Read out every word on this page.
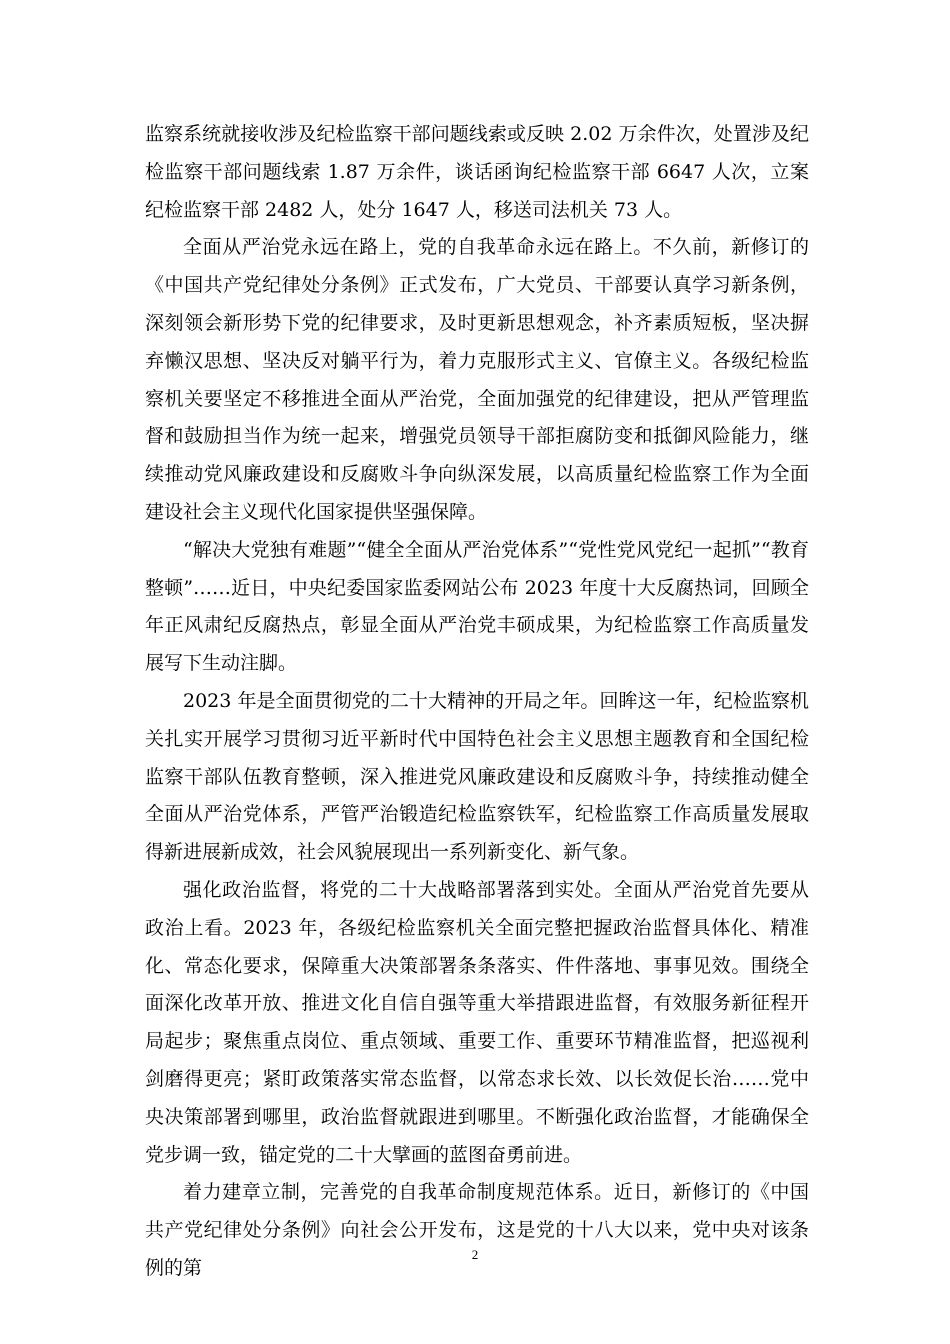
监察系统就接收涉及纪检监察干部问题线索或反映 2.02 万余件次，处置涉及纪检监察干部问题线索 1.87 万余件，谈话函询纪检监察干部 6647 人次，立案纪检监察干部 2482 人，处分 1647 人，移送司法机关 73 人。

全面从严治党永远在路上，党的自我革命永远在路上。不久前，新修订的《中国共产党纪律处分条例》正式发布，广大党员、干部要认真学习新条例，深刻领会新形势下党的纪律要求，及时更新思想观念，补齐素质短板，坚决摒弃懒汉思想、坚决反对躺平行为，着力克服形式主义、官僚主义。各级纪检监察机关要坚定不移推进全面从严治党，全面加强党的纪律建设，把从严管理监督和鼓励担当作为统一起来，增强党员领导干部拒腐防变和抵御风险能力，继续推动党风廉政建设和反腐败斗争向纵深发展，以高质量纪检监察工作为全面建设社会主义现代化国家提供坚强保障。

“解决大党独有难题”“健全全面从严治党体系”“党性党风党纪一起抓”“教育整顿”……近日，中央纪委国家监委网站公布 2023 年度十大反腐热词，回顾全年正风肃纪反腐热点，彰显全面从严治党丰硕成果，为纪检监察工作高质量发展写下生动注脚。

2023 年是全面贯彻党的二十大精神的开局之年。回眸这一年，纪检监察机关扎实开展学习贯彻习近平新时代中国特色社会主义思想主题教育和全国纪检监察干部队伍教育整顿，深入推进党风廉政建设和反腐败斗争，持续推动健全全面从严治党体系，严管严治锻造纪检监察铁军，纪检监察工作高质量发展取得新进展新成效，社会风貌展现出一系列新变化、新气象。

强化政治监督，将党的二十大战略部署落到实处。全面从严治党首先要从政治上看。2023 年，各级纪检监察机关全面完整把握政治监督具体化、精准化、常态化要求，保障重大决策部署条条落实、件件落地、事事见效。围绕全面深化改革开放、推进文化自信自强等重大举措跟进监督，有效服务新征程开局起步；聚焦重点岗位、重点领域、重要工作、重要环节精准监督，把巡视利剑磨得更亮；紧盯政策落实常态监督，以常态求长效、以长效促长治……党中央决策部署到哪里，政治监督就跟进到哪里。不断强化政治监督，才能确保全党步调一致，锚定党的二十大擘画的蓝图奋勇前进。

着力建章立制，完善党的自我革命制度规范体系。近日，新修订的《中国共产党纪律处分条例》向社会公开发布，这是党的十八大以来，党中央对该条例的第

2
